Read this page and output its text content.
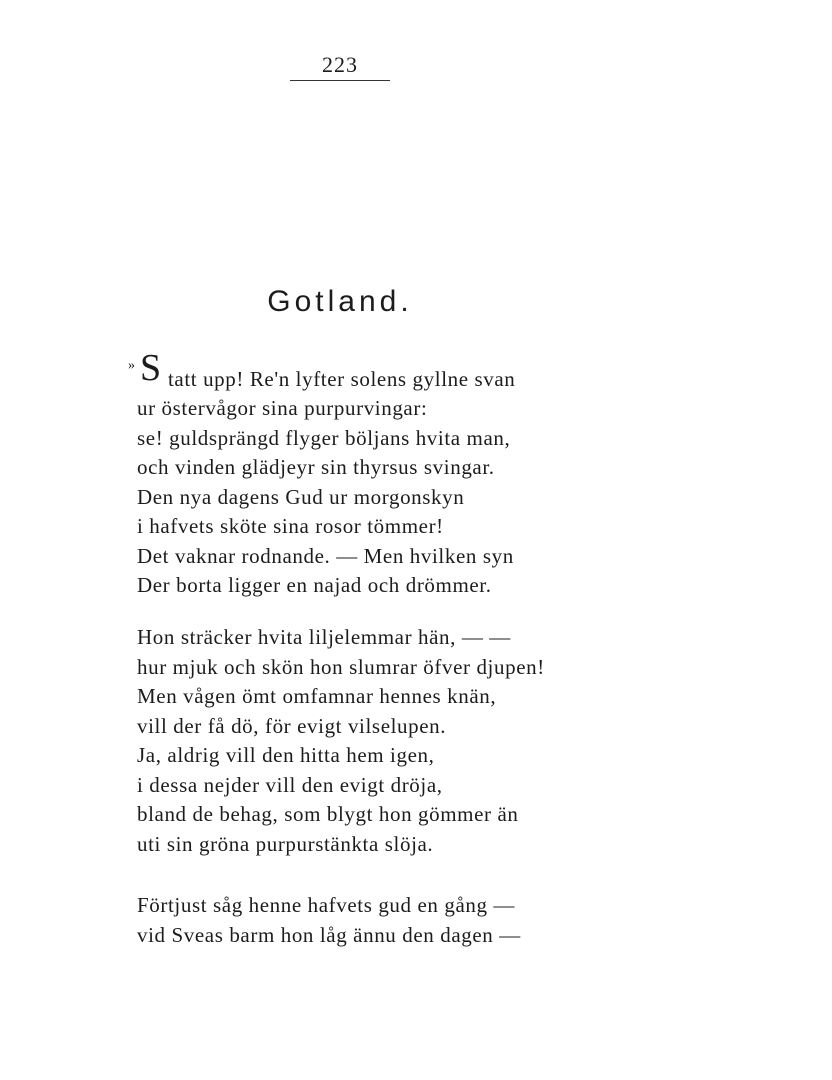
223
Gotland.
» S tatt upp! Re'n lyfter solens gyllne svan
ur östervågor sina purpurvingar:
se! guldsprängd flyger böljans hvita man,
och vinden glädjeyr sin thyrsus svingar.
Den nya dagens Gud ur morgonskyn
i hafvets sköte sina rosor tömmer!
Det vaknar rodnande. — Men hvilken syn
Der borta ligger en najad och drömmer.
Hon sträcker hvita liljelemmar hän, — —
hur mjuk och skön hon slumrar öfver djupen!
Men vågen ömt omfamnar hennes knän,
vill der få dö, för evigt vilselupen.
Ja, aldrig vill den hitta hem igen,
i dessa nejder vill den evigt dröja,
bland de behag, som blygt hon gömmer än
uti sin gröna purpurstänkta slöja.
Förtjust såg henne hafvets gud en gång —
vid Sveas barm hon låg ännu den dagen —
